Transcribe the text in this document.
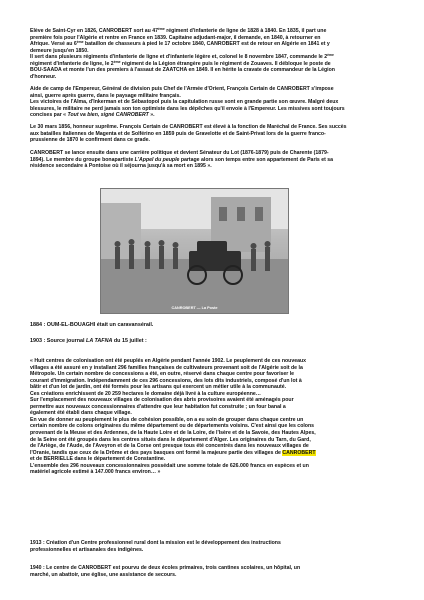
Elève de Saint-Cyr en 1826, CANROBERT sort au 47ème régiment d'infanterie de ligne de 1828 à 1840. En 1835, il part une

première fois pour l'Algérie et rentre en France en 1839. Capitaine adjudant-major, il demande, en 1840, à retourner en

Afrique. Versé au 6ème bataillon de chasseurs à pied le 17 octobre 1840, CANROBERT est de retour en Algérie en 1841 et y

demeure jusqu'en 1850.

Il sert dans plusieurs régiments d'infanterie de ligne et d'infanterie légère et, colonel le 8 novembre 1847, commande le 2ème

régiment d'infanterie de ligne, le 2ème régiment de la Légion étrangère puis le régiment de Zouaves. Il débloque le poste de

BOU-SAADA et monte l'un des premiers à l'assaut de ZAATCHA en 1849. Il en hérite la cravate de commandeur de la Légion

d'honneur.

Aide de camp de l'Empereur, Général de division puis Chef de l'Armée d'Orient, François Certain de CANROBERT s'impose

ainsi, guerre après guerre, dans le paysage militaire français.

Les victoires de l'Alma, d'Inkerman et de Sébastopol puis la capitulation russe sont en grande partie son œuvre. Malgré deux

blessures, le militaire ne perd jamais son ton optimiste dans les dépêches qu'il envoie à l'Empereur. Les missives sont toujours

concises par « Tout va bien, signé CANROBERT ».

Le 30 mars 1856, honneur suprême. François Certain de CANROBERT est élevé à la fonction de Maréchal de France. Ses succès

aux batailles italiennes de Magenta et de Solférino en 1859 puis de Gravelotte et de Saint-Privat lors de la guerre franco-

prussienne de 1870 le confirment dans ce grade.

CANROBERT se lance ensuite dans une carrière politique et devient Sénateur du Lot (1876-1879) puis de Charente (1879-

1894). Le membre du groupe bonapartiste L'Appel du peuple partage alors son temps entre son appartement de Paris et sa

résidence secondaire à Pontoise où il séjourna jusqu'à sa mort en 1895 ».

CANROBERT — La Poste
1884 : OUM-EL-BOUAGHI était un caravansérail.
1903 : Source journal LA TAFNA du 15 juillet :

« Huit centres de colonisation ont été peuplés en Algérie pendant l'année 1902. Le peuplement de ces nouveaux

villages a été assuré en y installant 296 familles françaises de cultivateurs provenant soit de l'Algérie soit de la

Métropole. Un certain nombre de concessions a été, en outre, réservé dans chaque centre pour favoriser le

courant d'immigration. Indépendamment de ces 296 concessions, des lots dits industriels, composé d'un lot à

bâtir et d'un lot de jardin, ont été formés pour les artisans qui exercent un métier utile à la communauté.

Ces créations enrichissent de 20 259 hectares le domaine déjà livré à la culture européenne…

Sur l'emplacement des nouveaux villages de colonisation des abris provisoires avaient été aménagés pour

permettre aux nouveaux concessionnaires d'attendre que leur habitation fut construite ; un four banal a

également été établi dans chaque village.

En vue de donner au peuplement le plus de cohésion possible, on a eu soin de grouper dans chaque centre un

certain nombre de colons originaires du même département ou de départements voisins. C'est ainsi que les colons

provenant de la Meuse et des Ardennes, de la Haute Loire et de la Loire, de l'Isère et de la Savoie, des Hautes Alpes,

de la Seine ont été groupés dans les centres situés dans le département d'Alger. Les originaires du Tarn, du Gard,

de l'Ariège, de l'Aude, de l'Aveyron et de la Corse ont presque tous été concentrés dans les nouveaux villages de

l'Oranie, tandis que ceux de la Drôme et des pays basques ont formé la majeure partie des villages de CANROBERT

et de BERRIELLE dans le département de Constantine.

L'ensemble des 296 nouveaux concessionnaires possédait une somme totale de 626.000 francs en espèces et un

matériel agricole estimé à 147.000 francs environ… »

1913 : Création d'un Centre professionnel rural dont la mission est le développement des instructions

professionnelles et artisanales des indigènes.

1940 : Le centre de CANROBERT est pourvu de deux écoles primaires, trois cantines scolaires, un hôpital, un

marché, un abattoir, une église, une assistance de secours.
